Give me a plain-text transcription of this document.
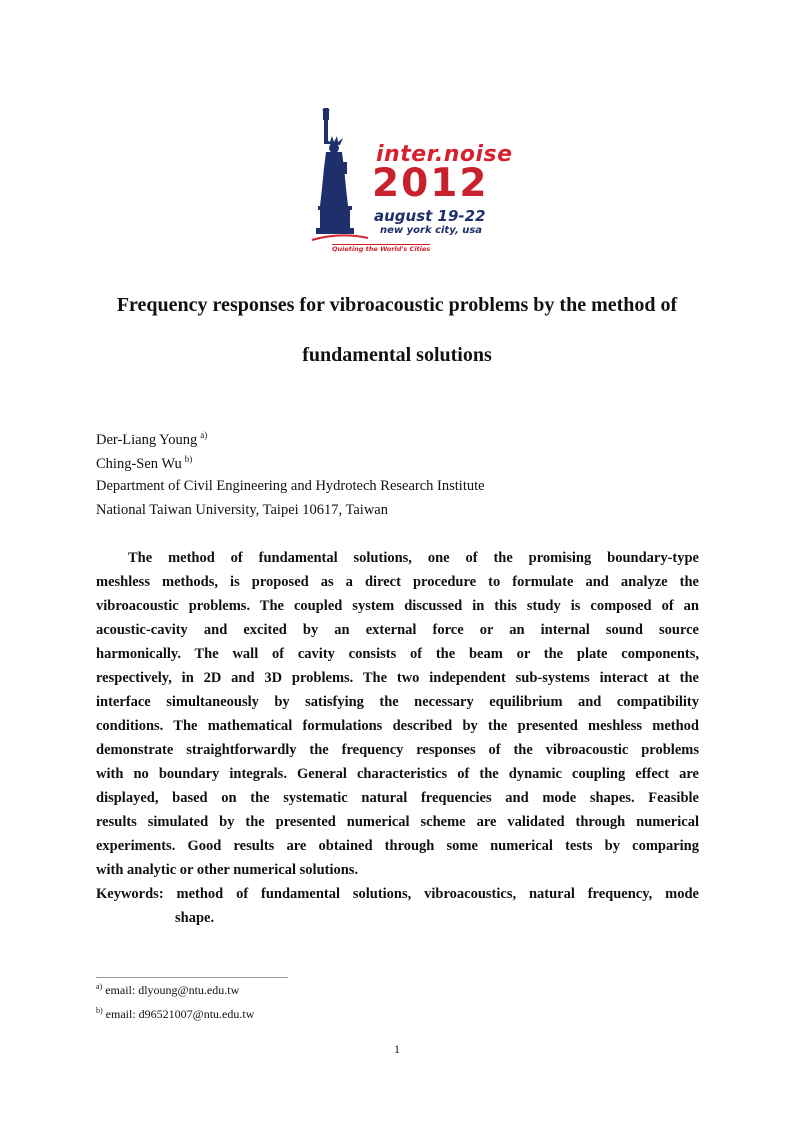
inter.noise
2012
august 19-22
new york city, usa
Quieting the World's Cities
Frequency responses for vibroacoustic problems by the method of
fundamental solutions
Der-Liang Young $^{a)}$
Ching-Sen Wu $^{b)}$
Department of Civil Engineering and Hydrotech Research Institute
National Taiwan University, Taipei 10617, Taiwan
The method of fundamental solutions, one of the promising boundary-type
meshless methods, is proposed as a direct procedure to formulate and analyze the
vibroacoustic problems. The coupled system discussed in this study is composed of an
acoustic-cavity and excited by an external force or an internal sound source
harmonically. The wall of cavity consists of the beam or the plate components,
respectively, in 2D and 3D problems. The two independent sub-systems interact at the
interface simultaneously by satisfying the necessary equilibrium and compatibility
conditions. The mathematical formulations described by the presented meshless method
demonstrate straightforwardly the frequency responses of the vibroacoustic problems
with no boundary integrals. General characteristics of the dynamic coupling effect are
displayed, based on the systematic natural frequencies and mode shapes. Feasible
results simulated by the presented numerical scheme are validated through numerical
experiments. Good results are obtained through some numerical tests by comparing
with analytic or other numerical solutions.
Keywords: method of fundamental solutions, vibroacoustics, natural frequency, mode
shape.
$^{a)}$ email: dlyoung@ntu.edu.tw
$^{b)}$ email: d96521007@ntu.edu.tw
1
